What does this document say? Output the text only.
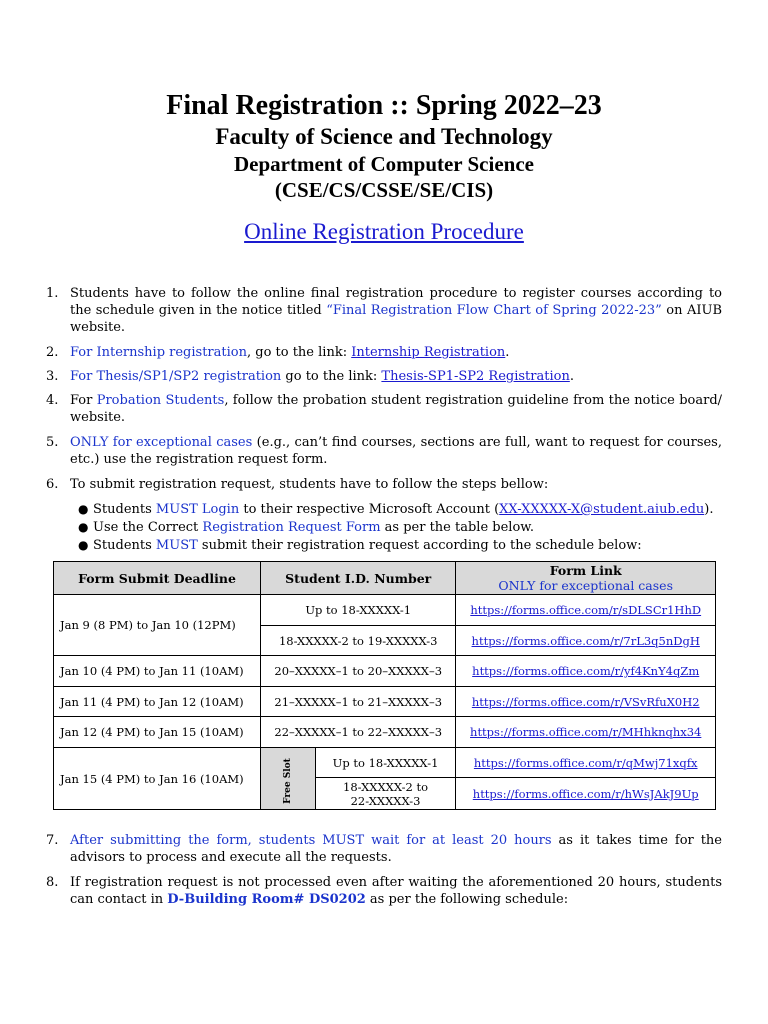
Final Registration :: Spring 2022–23
Faculty of Science and Technology
Department of Computer Science
(CSE/CS/CSSE/SE/CIS)
Online Registration Procedure
1. Students have to follow the online final registration procedure to register courses according to the schedule given in the notice titled “Final Registration Flow Chart of Spring 2022-23” on AIUB website.
2. For Internship registration, go to the link: Internship Registration.
3. For Thesis/SP1/SP2 registration go to the link: Thesis-SP1-SP2 Registration.
4. For Probation Students, follow the probation student registration guideline from the notice board/ website.
5. ONLY for exceptional cases (e.g., can’t find courses, sections are full, want to request for courses, etc.) use the registration request form.
6. To submit registration request, students have to follow the steps bellow:
● Students MUST Login to their respective Microsoft Account (XX-XXXXX-X@student.aiub.edu).
● Use the Correct Registration Request Form as per the table below.
● Students MUST submit their registration request according to the schedule below:
Form Submit Deadline	Student I.D. Number		Form Link
ONLY for exceptional cases

Jan 9 (8 PM) to Jan 10 (12PM)	Up to 18-XXXXX-1		https://forms.office.com/r/sDLSCr1HhD
	18-XXXXX-2 to 19-XXXXX-3		https://forms.office.com/r/7rL3q5nDgH
Jan 10 (4 PM) to Jan 11 (10AM)	20–XXXXX–1 to 20–XXXXX–3		https://forms.office.com/r/yf4KnY4qZm
Jan 11 (4 PM) to Jan 12 (10AM)	21–XXXXX–1 to 21–XXXXX–3		https://forms.office.com/r/VSvRfuX0H2
Jan 12 (4 PM) to Jan 15 (10AM)	22–XXXXX–1 to 22–XXXXX–3		https://forms.office.com/r/MHhknqhx34
Jan 15 (4 PM) to Jan 16 (10AM)	Free Slot	Up to 18-XXXXX-1	https://forms.office.com/r/qMwj71xqfx

		18-XXXXX-2 to
22-XXXXX-3	https://forms.office.com/r/hWsJAkJ9Up
7. After submitting the form, students MUST wait for at least 20 hours as it takes time for the advisors to process and execute all the requests.
8. If registration request is not processed even after waiting the aforementioned 20 hours, students can contact in D-Building Room# DS0202 as per the following schedule:
